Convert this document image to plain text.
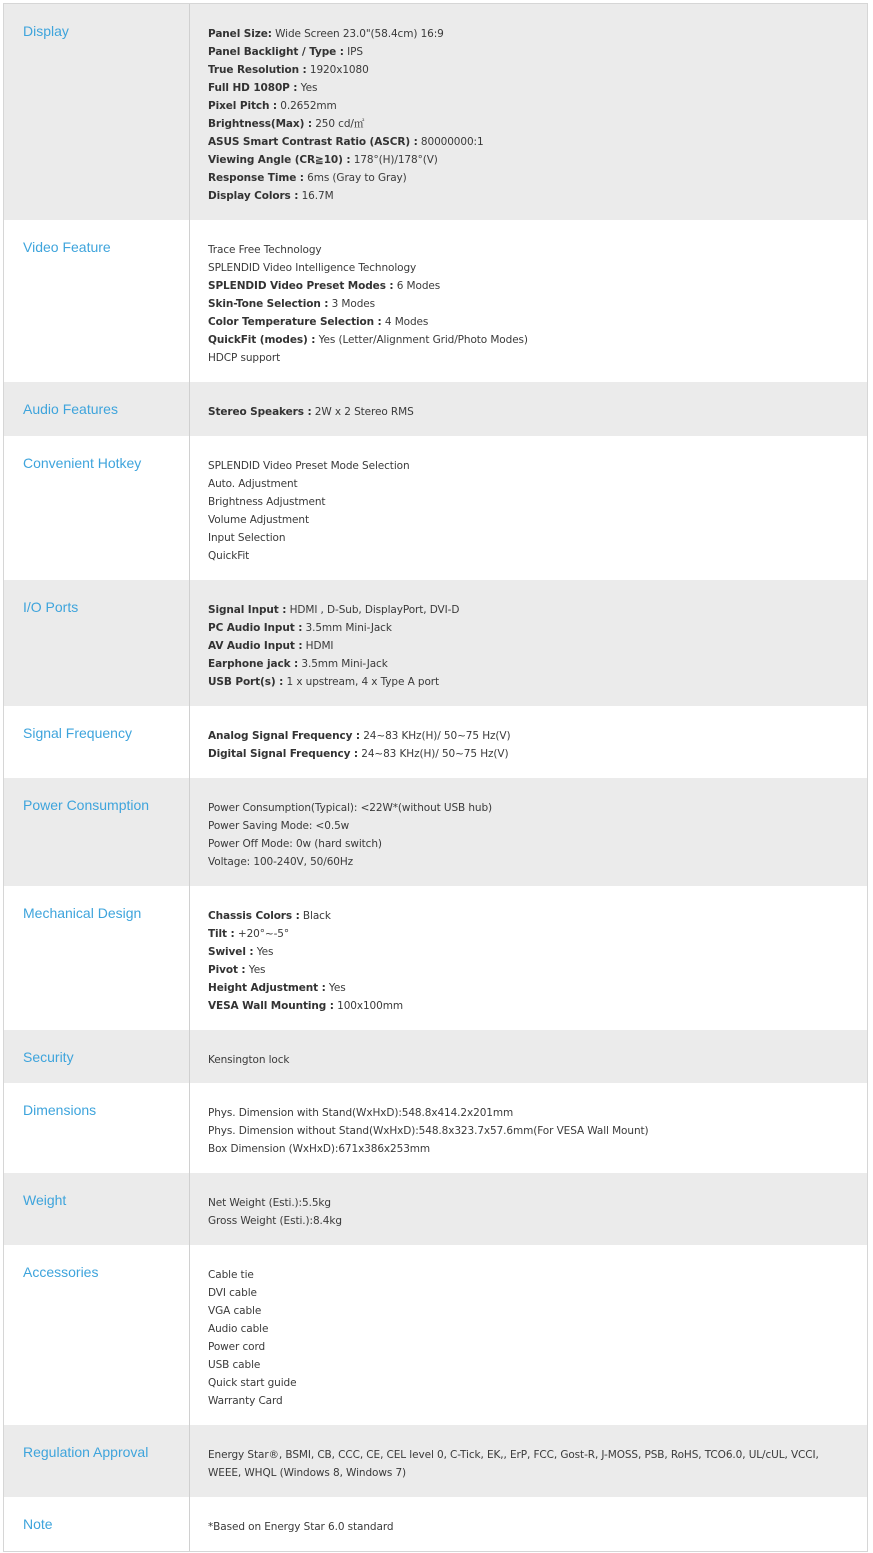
Display	Panel Size: Wide Screen 23.0"(58.4cm) 16:9
Panel Backlight / Type : IPS
True Resolution : 1920x1080
Full HD 1080P : Yes
Pixel Pitch : 0.2652mm
Brightness(Max) : 250 cd/㎡
ASUS Smart Contrast Ratio (ASCR) : 80000000:1
Viewing Angle (CR≧10) : 178°(H)/178°(V)
Response Time : 6ms (Gray to Gray)
Display Colors : 16.7M
Video Feature	Trace Free Technology
SPLENDID Video Intelligence Technology
SPLENDID Video Preset Modes : 6 Modes
Skin-Tone Selection : 3 Modes
Color Temperature Selection : 4 Modes
QuickFit (modes) : Yes (Letter/Alignment Grid/Photo Modes)
HDCP support
Audio Features	Stereo Speakers : 2W x 2 Stereo RMS
Convenient Hotkey	SPLENDID Video Preset Mode Selection
Auto. Adjustment
Brightness Adjustment
Volume Adjustment
Input Selection
QuickFit
I/O Ports	Signal Input : HDMI , D-Sub, DisplayPort, DVI-D
PC Audio Input : 3.5mm Mini-Jack
AV Audio Input : HDMI
Earphone jack : 3.5mm Mini-Jack
USB Port(s) : 1 x upstream, 4 x Type A port
Signal Frequency	Analog Signal Frequency : 24~83 KHz(H)/ 50~75 Hz(V)
Digital Signal Frequency : 24~83 KHz(H)/ 50~75 Hz(V)
Power Consumption	Power Consumption(Typical): <22W*(without USB hub)
Power Saving Mode: <0.5w
Power Off Mode: 0w (hard switch)
Voltage: 100-240V, 50/60Hz
Mechanical Design	Chassis Colors : Black
Tilt : +20°~-5°
Swivel : Yes
Pivot : Yes
Height Adjustment : Yes
VESA Wall Mounting : 100x100mm
Security	Kensington lock
Dimensions	Phys. Dimension with Stand(WxHxD):548.8x414.2x201mm
Phys. Dimension without Stand(WxHxD):548.8x323.7x57.6mm(For VESA Wall Mount)
Box Dimension (WxHxD):671x386x253mm
Weight	Net Weight (Esti.):5.5kg
Gross Weight (Esti.):8.4kg
Accessories	Cable tie
DVI cable
VGA cable
Audio cable
Power cord
USB cable
Quick start guide
Warranty Card
Regulation Approval	Energy Star®, BSMI, CB, CCC, CE, CEL level 0, C-Tick, EK,, ErP, FCC, Gost-R, J-MOSS, PSB, RoHS, TCO6.0, UL/cUL, VCCI,
WEEE, WHQL (Windows 8, Windows 7)
Note	*Based on Energy Star 6.0 standard
